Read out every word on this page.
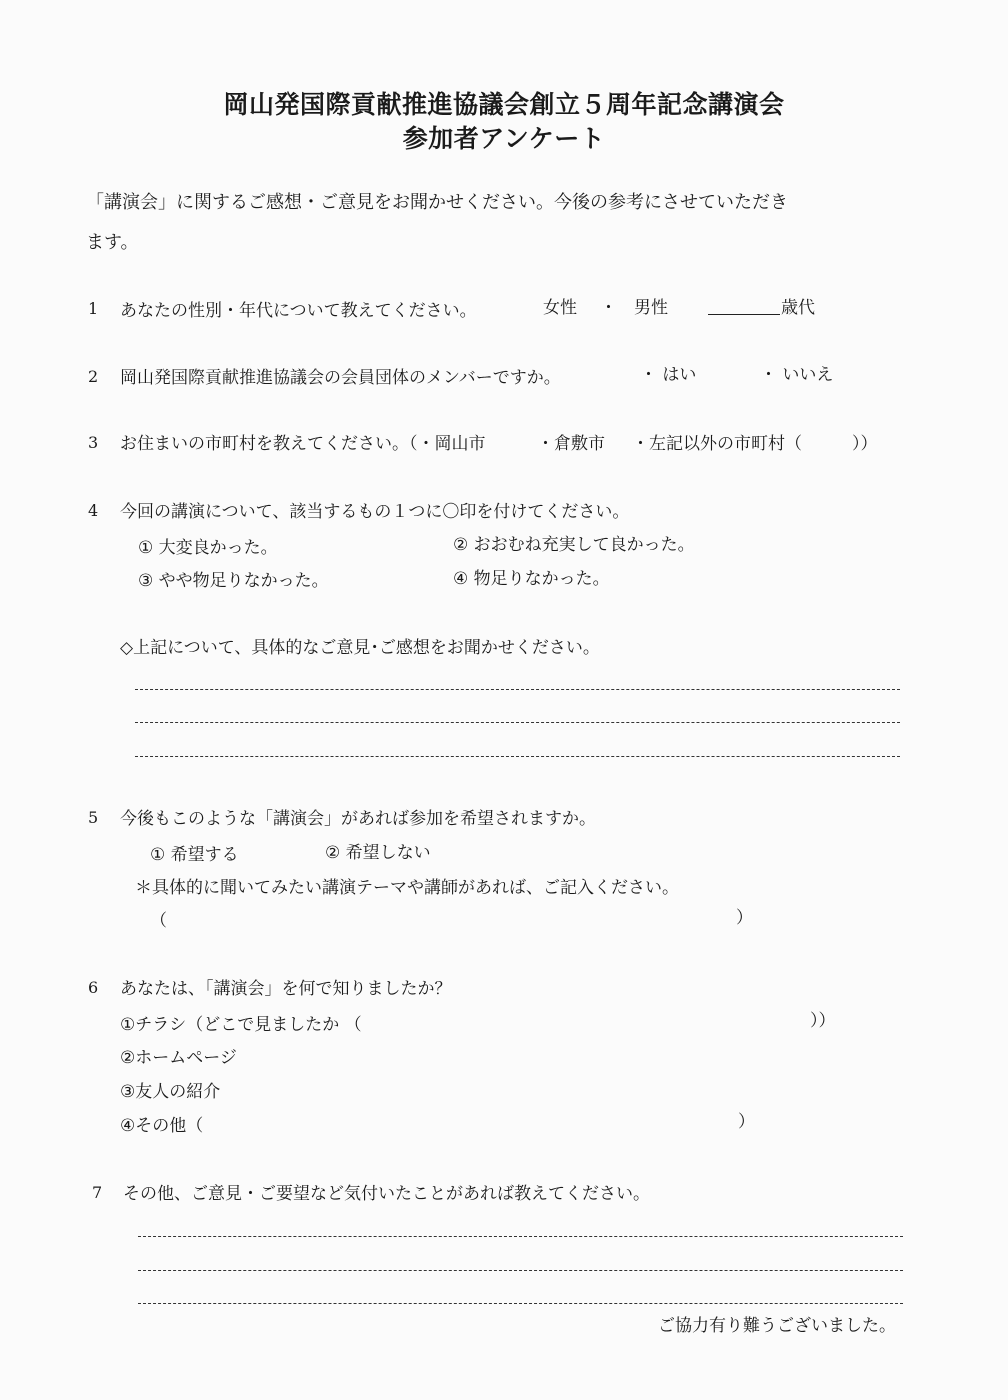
岡山発国際貢献推進協議会創立５周年記念講演会
参加者アンケート
「講演会」に関するご感想・ご意見をお聞かせください。今後の参考にさせていただき
ます。
1 あなたの性別・年代について教えてください。	女性 ・ 男性	歳代
2 岡山発国際貢献推進協議会の会員団体のメンバーですか。	・ はい	・ いいえ
3 お住まいの市町村を教えてください。（・岡山市	・倉敷市 ・左記以外の市町村（	））
4 今回の講演について、該当するもの１つに〇印を付けてください。
① 大変良かった。	② おおむね充実して良かった。
③ やや物足りなかった。	④ 物足りなかった。
◇上記について、具体的なご意見･ご感想をお聞かせください。
5 今後もこのような「講演会」があれば参加を希望されますか。
① 希望する	② 希望しない
＊具体的に聞いてみたい講演テーマや講師があれば、ご記入ください。
（	）
6 あなたは、「講演会」を何で知りましたか？
①チラシ（どこで見ましたか （	））
②ホームページ
③友人の紹介
④その他（	）
7 その他、ご意見・ご要望など気付いたことがあれば教えてください。
ご協力有り難うございました。
